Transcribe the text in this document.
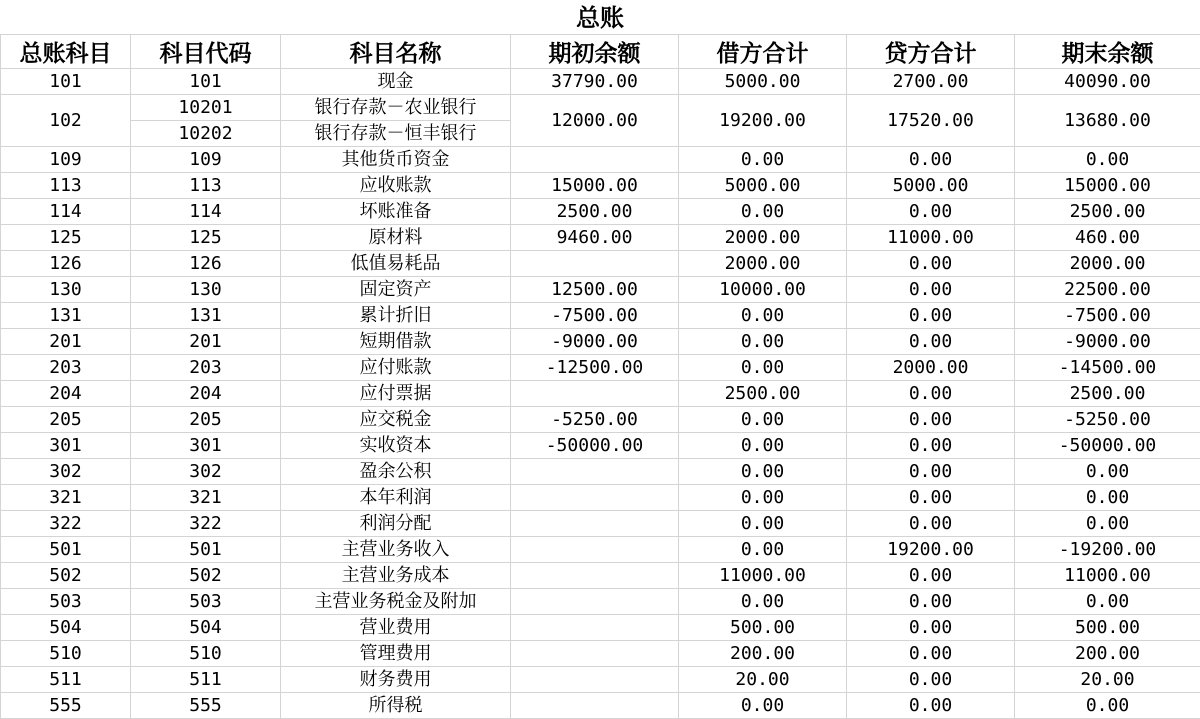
总账
总账科目	科目代码	科目名称	期初余额	借方合计	贷方合计	期末余额
101	101	现金	37790.00	5000.00	2700.00	40090.00
102	10201	银行存款－农业银行	12000.00	19200.00	17520.00	13680.00
	10202	银行存款－恒丰银行				
109	109	其他货币资金		0.00	0.00	0.00
113	113	应收账款	15000.00	5000.00	5000.00	15000.00
114	114	坏账准备	2500.00	0.00	0.00	2500.00
125	125	原材料	9460.00	2000.00	11000.00	460.00
126	126	低值易耗品		2000.00	0.00	2000.00
130	130	固定资产	12500.00	10000.00	0.00	22500.00
131	131	累计折旧	-7500.00	0.00	0.00	-7500.00
201	201	短期借款	-9000.00	0.00	0.00	-9000.00
203	203	应付账款	-12500.00	0.00	2000.00	-14500.00
204	204	应付票据		2500.00	0.00	2500.00
205	205	应交税金	-5250.00	0.00	0.00	-5250.00
301	301	实收资本	-50000.00	0.00	0.00	-50000.00
302	302	盈余公积		0.00	0.00	0.00
321	321	本年利润		0.00	0.00	0.00
322	322	利润分配		0.00	0.00	0.00
501	501	主营业务收入		0.00	19200.00	-19200.00
502	502	主营业务成本		11000.00	0.00	11000.00
503	503	主营业务税金及附加		0.00	0.00	0.00
504	504	营业费用		500.00	0.00	500.00
510	510	管理费用		200.00	0.00	200.00
511	511	财务费用		20.00	0.00	20.00
555	555	所得税		0.00	0.00	0.00
